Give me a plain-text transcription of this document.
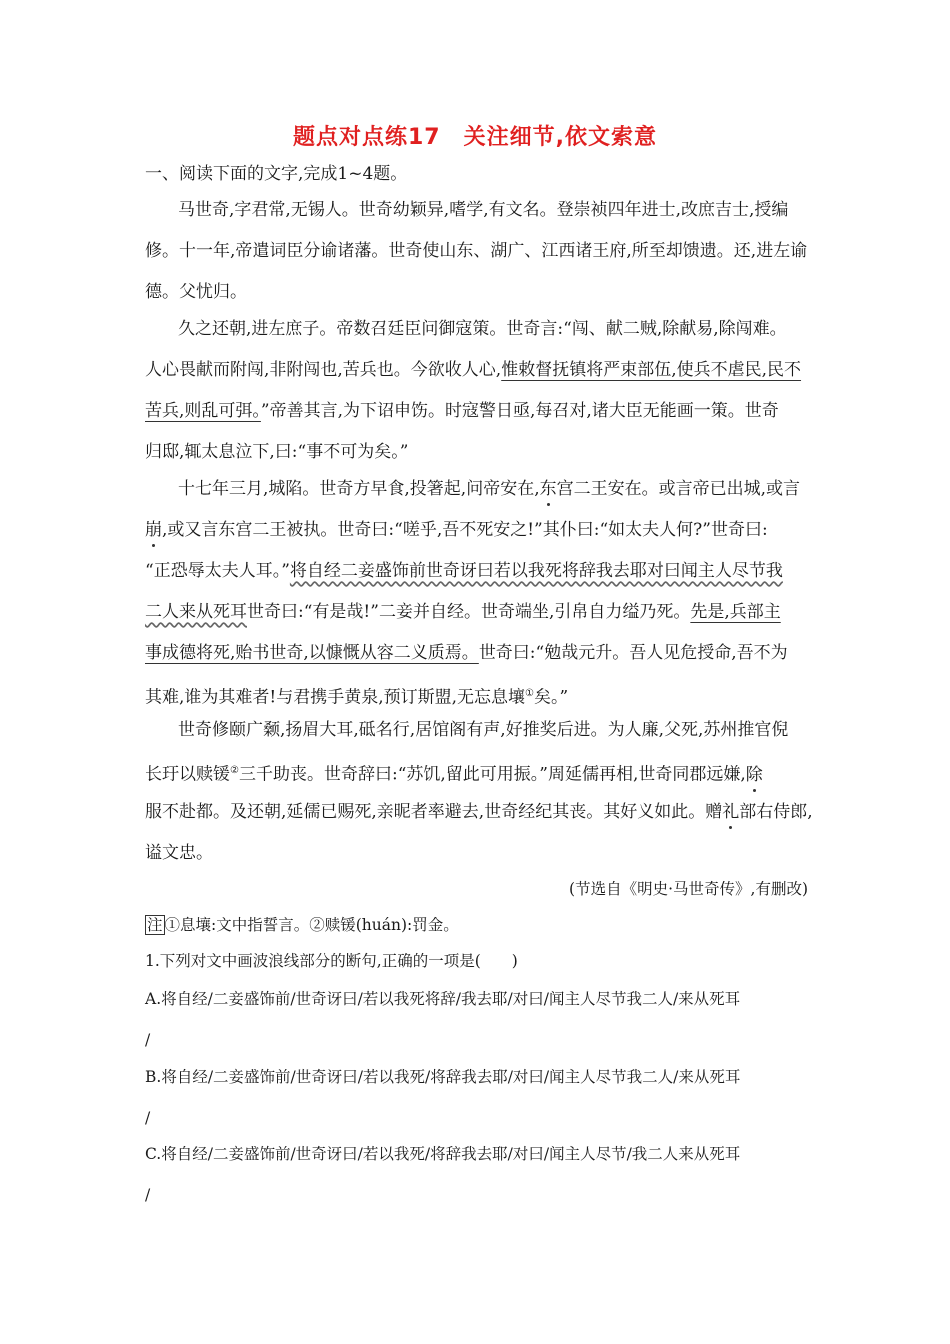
题点对点练17　关注细节,依文索意
一、阅读下面的文字,完成1~4题。
马世奇,字君常,无锡人。世奇幼颖异,嗜学,有文名。登崇祯四年进士,改庶吉士,授编
修。十一年,帝遣词臣分谕诸藩。世奇使山东、湖广、江西诸王府,所至却馈遗。还,进左谕
德。父忧归。
久之还朝,进左庶子。帝数召廷臣问御寇策。世奇言:“闯、献二贼,除献易,除闯难。
人心畏献而附闯,非附闯也,苦兵也。今欲收人心,惟敕督抚镇将严束部伍,使兵不虐民,民不
苦兵,则乱可弭。”帝善其言,为下诏申饬。时寇警日亟,每召对,诸大臣无能画一策。世奇
归邸,辄太息泣下,曰:“事不可为矣。”
十七年三月,城陷。世奇方早食,投箸起,问帝安在,东宫二王安在。或言帝已出城,或言
崩,或又言东宫二王被执。世奇曰:“嗟乎,吾不死安之!”其仆曰:“如太夫人何?”世奇曰:
“正恐辱太夫人耳。”将自经二妾盛饰前世奇讶曰若以我死将辞我去耶对曰闻主人尽节我
二人来从死耳世奇曰:“有是哉!”二妾并自经。世奇端坐,引帛自力缢乃死。先是,兵部主
事成德将死,贻书世奇,以慷慨从容二义质焉。世奇曰:“勉哉元升。吾人见危授命,吾不为
其难,谁为其难者!与君携手黄泉,预订斯盟,无忘息壤①矣。”
世奇修颐广颡,扬眉大耳,砥名行,居馆阁有声,好推奖后进。为人廉,父死,苏州推官倪
长玗以赎锾②三千助丧。世奇辞曰:“苏饥,留此可用振。”周延儒再相,世奇同郡远嫌,除
服不赴都。及还朝,延儒已赐死,亲昵者率避去,世奇经纪其丧。其好义如此。赠礼部右侍郎,
谥文忠。
(节选自《明史·马世奇传》,有删改)
注 ①息壤:文中指誓言。②赎锾(huán):罚金。
1.下列对文中画波浪线部分的断句,正确的一项是(　　)
A.将自经/二妾盛饰前/世奇讶曰/若以我死将辞/我去耶/对曰/闻主人尽节我二人/来从死耳
/
B.将自经/二妾盛饰前/世奇讶曰/若以我死/将辞我去耶/对曰/闻主人尽节我二人/来从死耳
/
C.将自经/二妾盛饰前/世奇讶曰/若以我死/将辞我去耶/对曰/闻主人尽节/我二人来从死耳
/
